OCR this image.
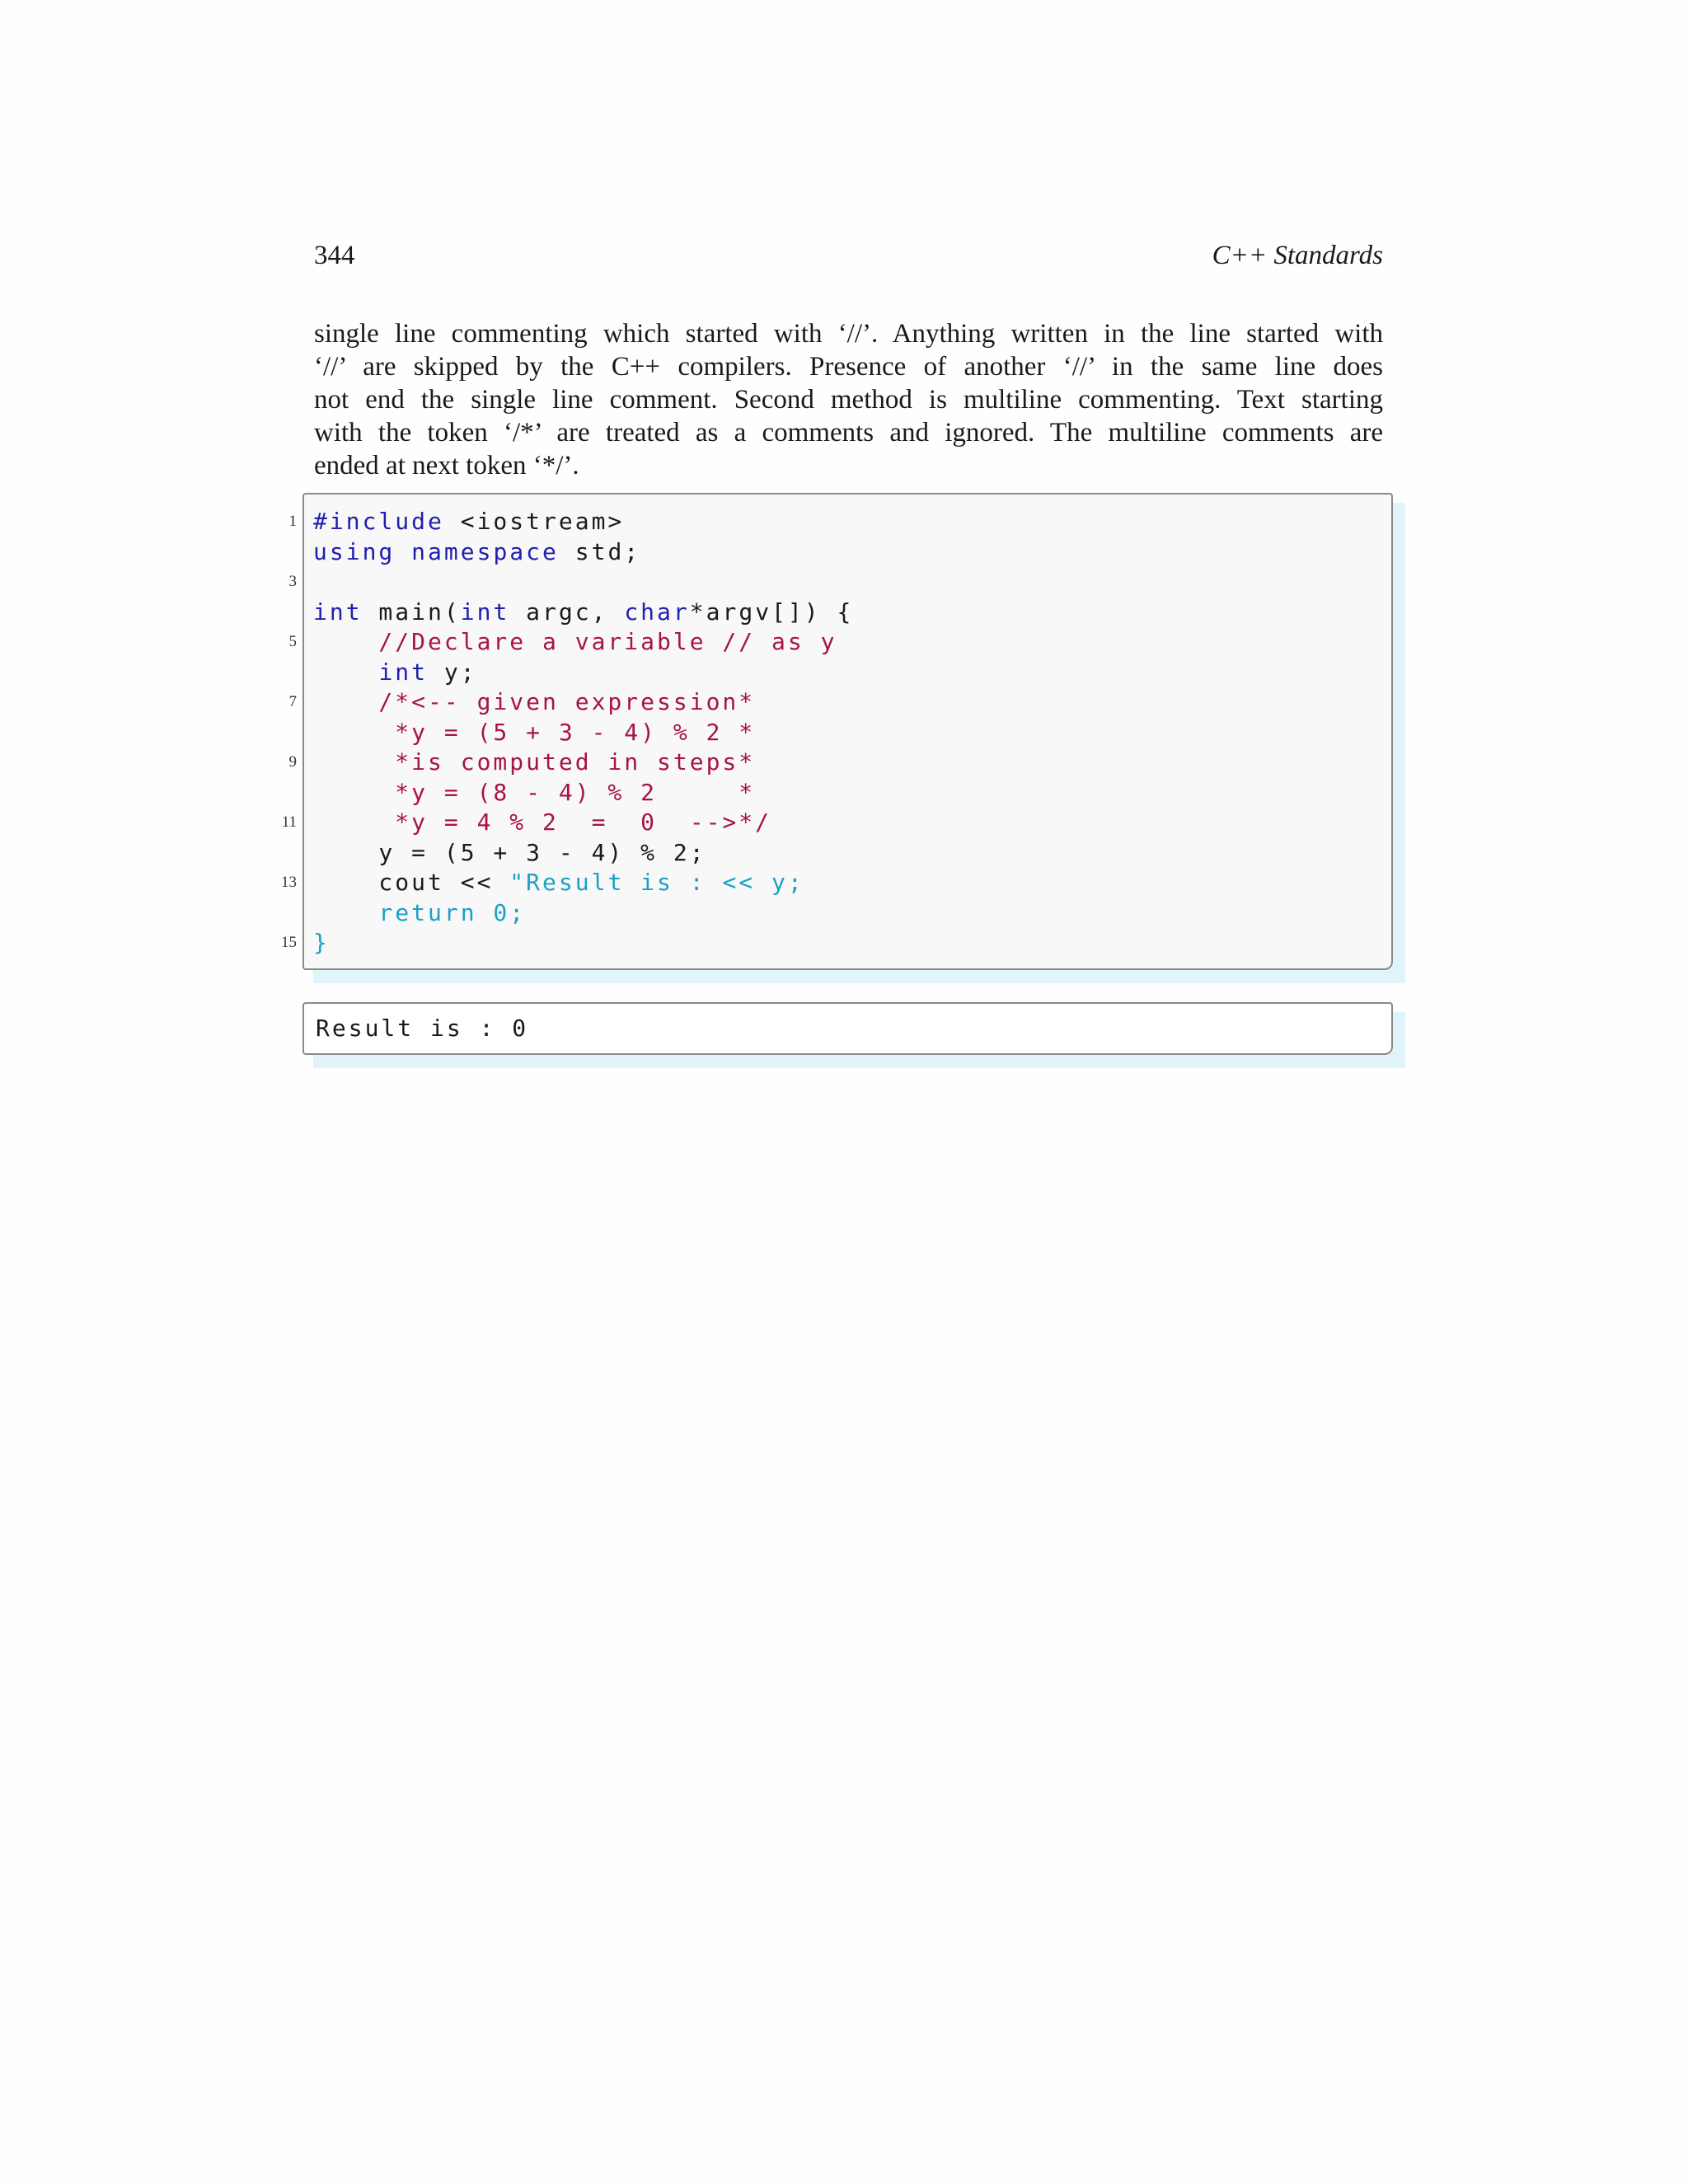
344	C++ Standards
single line commenting which started with ‘//’. Anything written in the line started with
‘//’ are skipped by the C++ compilers. Presence of another ‘//’ in the same line does
not end the single line comment. Second method is multiline commenting. Text starting
with the token ‘/*’ are treated as a comments and ignored. The multiline comments are
ended at next token ‘*/’.
1
3
5
7
9
11
13
15
#include <iostream>
using namespace std;
int main(int argc, char*argv[]) {
//Declare a variable // as y
int y;
/*<-- given expression*
*y = (5 + 3 - 4) % 2 *
*is computed in steps*
*y = (8 - 4) % 2     *
*y = 4 % 2  =  0  -->*/
y = (5 + 3 - 4) % 2;
cout << "Result is : << y;
return 0;
}
Result is : 0
